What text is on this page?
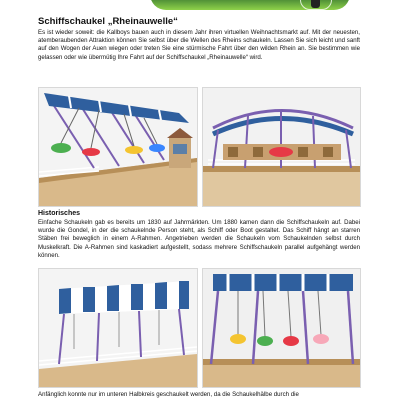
Schiffschaukel „Rheinauwelle“

Es ist wieder soweit: die Kallboys bauen auch in diesem Jahr ihren virtuellen Weihnachtsmarkt auf. Mit der neuesten, atemberaubenden Attraktion können Sie selbst über die Wellen des Rheins schaukeln. Lassen Sie sich leicht und sanft auf den Wogen der Auen wiegen oder treten Sie eine stürmische Fahrt über den wilden Rhein an. Sie bestimmen wie gelassen oder wie übermütig Ihre Fahrt auf der Schiffschaukel „Rheinauwelle“ wird.

Historisches

Einfache Schaukeln gab es bereits um 1830 auf Jahrmärkten. Um 1880 kamen dann die Schiffschaukeln auf. Dabei wurde die Gondel, in der die schaukelnde Person steht, als Schiff oder Boot gestaltet. Das Schiff hängt an starren Stäben frei beweglich in einem A-Rahmen. Angetrieben werden die Schaukeln vom Schaukelnden selbst durch Muskelkraft. Die A-Rahmen sind kaskadiert aufgestellt, sodass mehrere Schiffschaukeln parallel aufgehängt werden können.

Anfänglich konnte nur im unteren Halbkreis geschaukelt werden, da die Schaukelhälbe durch die
